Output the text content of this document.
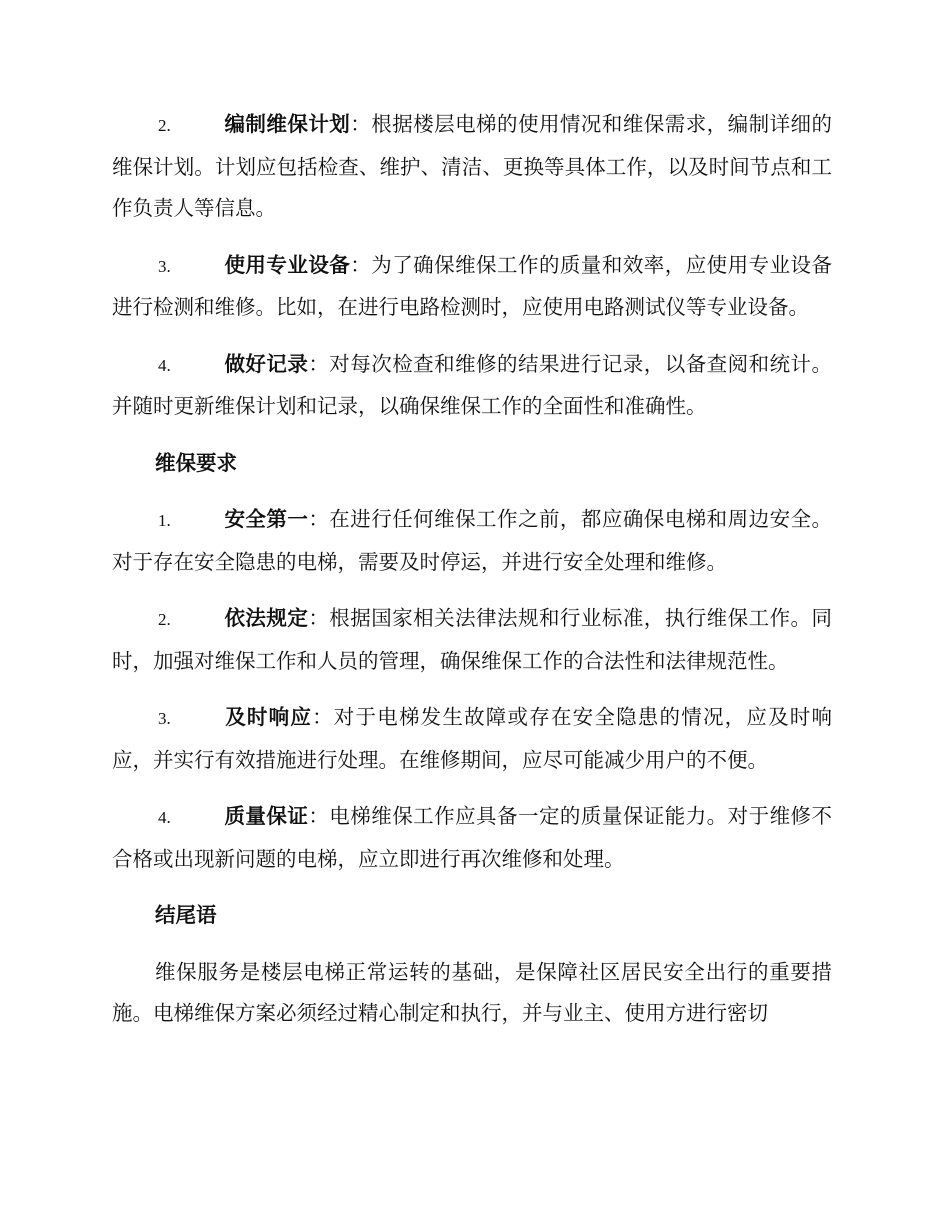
2.	编制维保计划：根据楼层电梯的使用情况和维保需求，编制详细的维保计划。计划应包括检查、维护、清洁、更换等具体工作，以及时间节点和工作负责人等信息。
3.	使用专业设备：为了确保维保工作的质量和效率，应使用专业设备进行检测和维修。比如，在进行电路检测时，应使用电路测试仪等专业设备。
4.	做好记录：对每次检查和维修的结果进行记录，以备查阅和统计。并随时更新维保计划和记录，以确保维保工作的全面性和准确性。
维保要求
1.	安全第一：在进行任何维保工作之前，都应确保电梯和周边安全。对于存在安全隐患的电梯，需要及时停运，并进行安全处理和维修。
2.	依法规定：根据国家相关法律法规和行业标准，执行维保工作。同时，加强对维保工作和人员的管理，确保维保工作的合法性和法律规范性。
3.	及时响应：对于电梯发生故障或存在安全隐患的情况，应及时响应，并实行有效措施进行处理。在维修期间，应尽可能减少用户的不便。
4.	质量保证：电梯维保工作应具备一定的质量保证能力。对于维修不合格或出现新问题的电梯，应立即进行再次维修和处理。
结尾语
维保服务是楼层电梯正常运转的基础，是保障社区居民安全出行的重要措施。电梯维保方案必须经过精心制定和执行，并与业主、使用方进行密切
